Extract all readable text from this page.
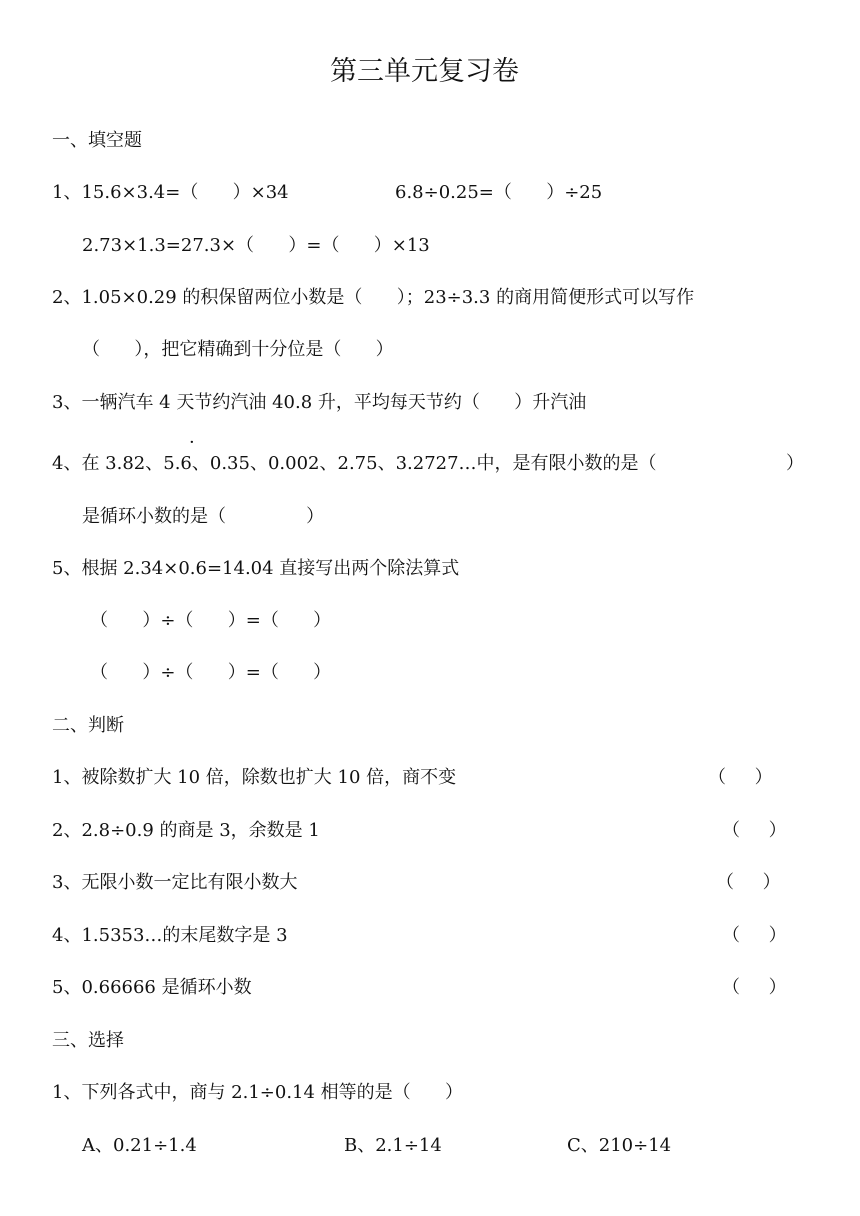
第三单元复习卷
一、填空题
1、15.6×3.4=（      ）×34	6.8÷0.25=（      ）÷25
2.73×1.3=27.3×（      ）=（      ）×13
2、1.05×0.29 的积保留两位小数是（      ）；23÷3.3 的商用简便形式可以写作
（      ），把它精确到十分位是（      ）
3、一辆汽车 4 天节约汽油 40.8 升，平均每天节约（      ）升汽油
·
4、在 3.82、5.6、0.35、0.002、2.75、3.2727…中，是有限小数的是（	）
是循环小数的是（              ）
5、根据 2.34×0.6=14.04 直接写出两个除法算式
（      ）÷（      ）=（      ）
（      ）÷（      ）=（      ）
二、判断
1、被除数扩大 10 倍，除数也扩大 10 倍，商不变	（     ）
2、2.8÷0.9 的商是 3，余数是 1	（     ）
3、无限小数一定比有限小数大	（     ）
4、1.5353…的末尾数字是 3	（     ）
5、0.66666 是循环小数	（     ）
三、选择
1、下列各式中，商与 2.1÷0.14 相等的是（      ）
A、0.21÷1.4	B、2.1÷14	C、210÷14
